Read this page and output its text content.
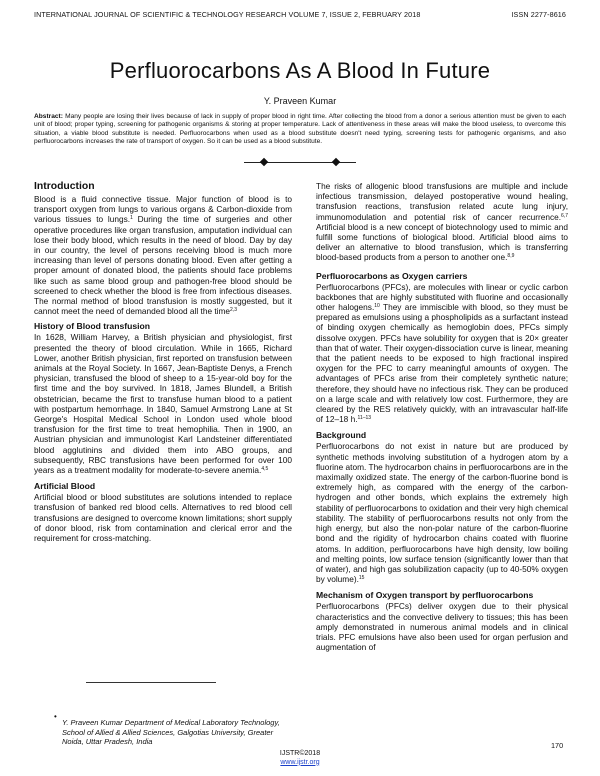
INTERNATIONAL JOURNAL OF SCIENTIFIC & TECHNOLOGY RESEARCH VOLUME 7, ISSUE 2, FEBRUARY 2018	ISSN 2277-8616
Perfluorocarbons As A Blood In Future
Y. Praveen Kumar
Abstract: Many people are losing their lives because of lack in supply of proper blood in right time. After collecting the blood from a donor a serious attention must be given to each unit of blood; proper typing, screening for pathogenic organisms & storing at proper temperature. Lack of attentiveness in these areas will make the blood useless, to overcome this situation, a viable blood substitute is needed. Perfluorocarbons when used as a blood substitute doesn't need typing, screening tests for pathogenic organisms, and also perfluorocarbons increases the rate of transport of oxygen. So it can be used as a blood substitute.
Introduction

Blood is a fluid connective tissue. Major function of blood is to transport oxygen from lungs to various organs & Carbon-dioxide from various tissues to lungs.$^1$ During the time of surgeries and other operative procedures like organ transfusion, amputation individual can lose their body blood, which results in the need of blood. Day by day in our country, the level of persons receiving blood is much more increasing than level of persons donating blood. Even after getting a proper amount of donated blood, the patients should face problems like such as same blood group and pathogen-free blood should be screened to check whether the blood is free from infectious diseases. The normal method of blood transfusion is mostly suggested, but it cannot meet the need of demanded blood all the time$^{2,3}$

History of Blood transfusion

In 1628, William Harvey, a British physician and physiologist, first presented the theory of blood circulation. While in 1665, Richard Lower, another British physician, first reported on transfusion between animals at the Royal Society. In 1667, Jean-Baptiste Denys, a French physician, transfused the blood of sheep to a 15-year-old boy for the first time and the boy survived. In 1818, James Blundell, a British obstetrician, became the first to transfuse human blood to a patient with postpartum hemorrhage. In 1840, Samuel Armstrong Lane at St George's Hospital Medical School in London used whole blood transfusion for the first time to treat hemophilia. Then in 1900, an Austrian physician and immunologist Karl Landsteiner differentiated blood agglutinins and divided them into ABO groups, and subsequently, RBC transfusions have been performed for over 100 years as a treatment modality for moderate-to-severe anemia.$^{4,5}$

Artificial Blood

Artificial blood or blood substitutes are solutions intended to replace transfusion of banked red blood cells. Alternatives to red blood cell transfusions are designed to overcome known limitations; short supply of donor blood, risk from contamination and clerical error and the requirement for cross-matching.

•
Y. Praveen Kumar Department of Medical Laboratory Technology, School of Allied & Allied Sciences, Galgotias University, Greater Noida, Uttar Pradesh, India

The risks of allogenic blood transfusions are multiple and include infectious transmission, delayed postoperative wound healing, transfusion reactions, transfusion related acute lung injury, immunomodulation and potential risk of cancer recurrence.$^{6,7}$ Artificial blood is a new concept of biotechnology used to mimic and fulfill some functions of biological blood. Artificial blood aims to deliver an alternative to blood transfusion, which is transferring blood-based products from a person to another one.$^{8,9}$

Perfluorocarbons as Oxygen carriers

Perfluorocarbons (PFCs), are molecules with linear or cyclic carbon backbones that are highly substituted with fluorine and occasionally other halogens.$^{10}$ They are immiscible with blood, so they must be prepared as emulsions using a phospholipids as a surfactant instead of binding oxygen chemically as hemoglobin does, PFCs simply dissolve oxygen. PFCs have solubility for oxygen that is 20× greater than that of water. Their oxygen-dissociation curve is linear, meaning that the patient needs to be exposed to high fractional inspired oxygen for the PFC to carry meaningful amounts of oxygen. The advantages of PFCs arise from their completely synthetic nature; therefore, they should have no infectious risk. They can be produced on a large scale and with relatively low cost. Furthermore, they are cleared by the RES relatively quickly, with an intravascular half-life of 12–18 h.$^{11-13}$

Background

Perfluorocarbons do not exist in nature but are produced by synthetic methods involving substitution of a hydrogen atom by a fluorine atom. The hydrocarbon chains in perfluorocarbons are in the maximally oxidized state. The energy of the carbon-fluorine bond is extremely high, as compared with the energy of the carbon-hydrogen and other bonds, which explains the extremely high stability of perfluorocarbons to oxidation and their very high chemical stability. The stability of perfluorocarbons results not only from the high energy, but also the non-polar nature of the carbon-fluorine bond and the rigidity of hydrocarbon chains coated with fluorine atoms. In addition, perfluorocarbons have high density, low boiling and melting points, low surface tension (significantly lower than that of water), and high gas solubilization capacity (up to 40-50% oxygen by volume).$^{15}$

Mechanism of Oxygen transport by perfluorocarbons

Perfluorocarbons (PFCs) deliver oxygen due to their physical characteristics and the convective delivery to tissues; this has been amply demonstrated in numerous animal models and in clinical trials. PFC emulsions have also been used for organ perfusion and augmentation of

170
IJSTR©2018
www.ijstr.org
